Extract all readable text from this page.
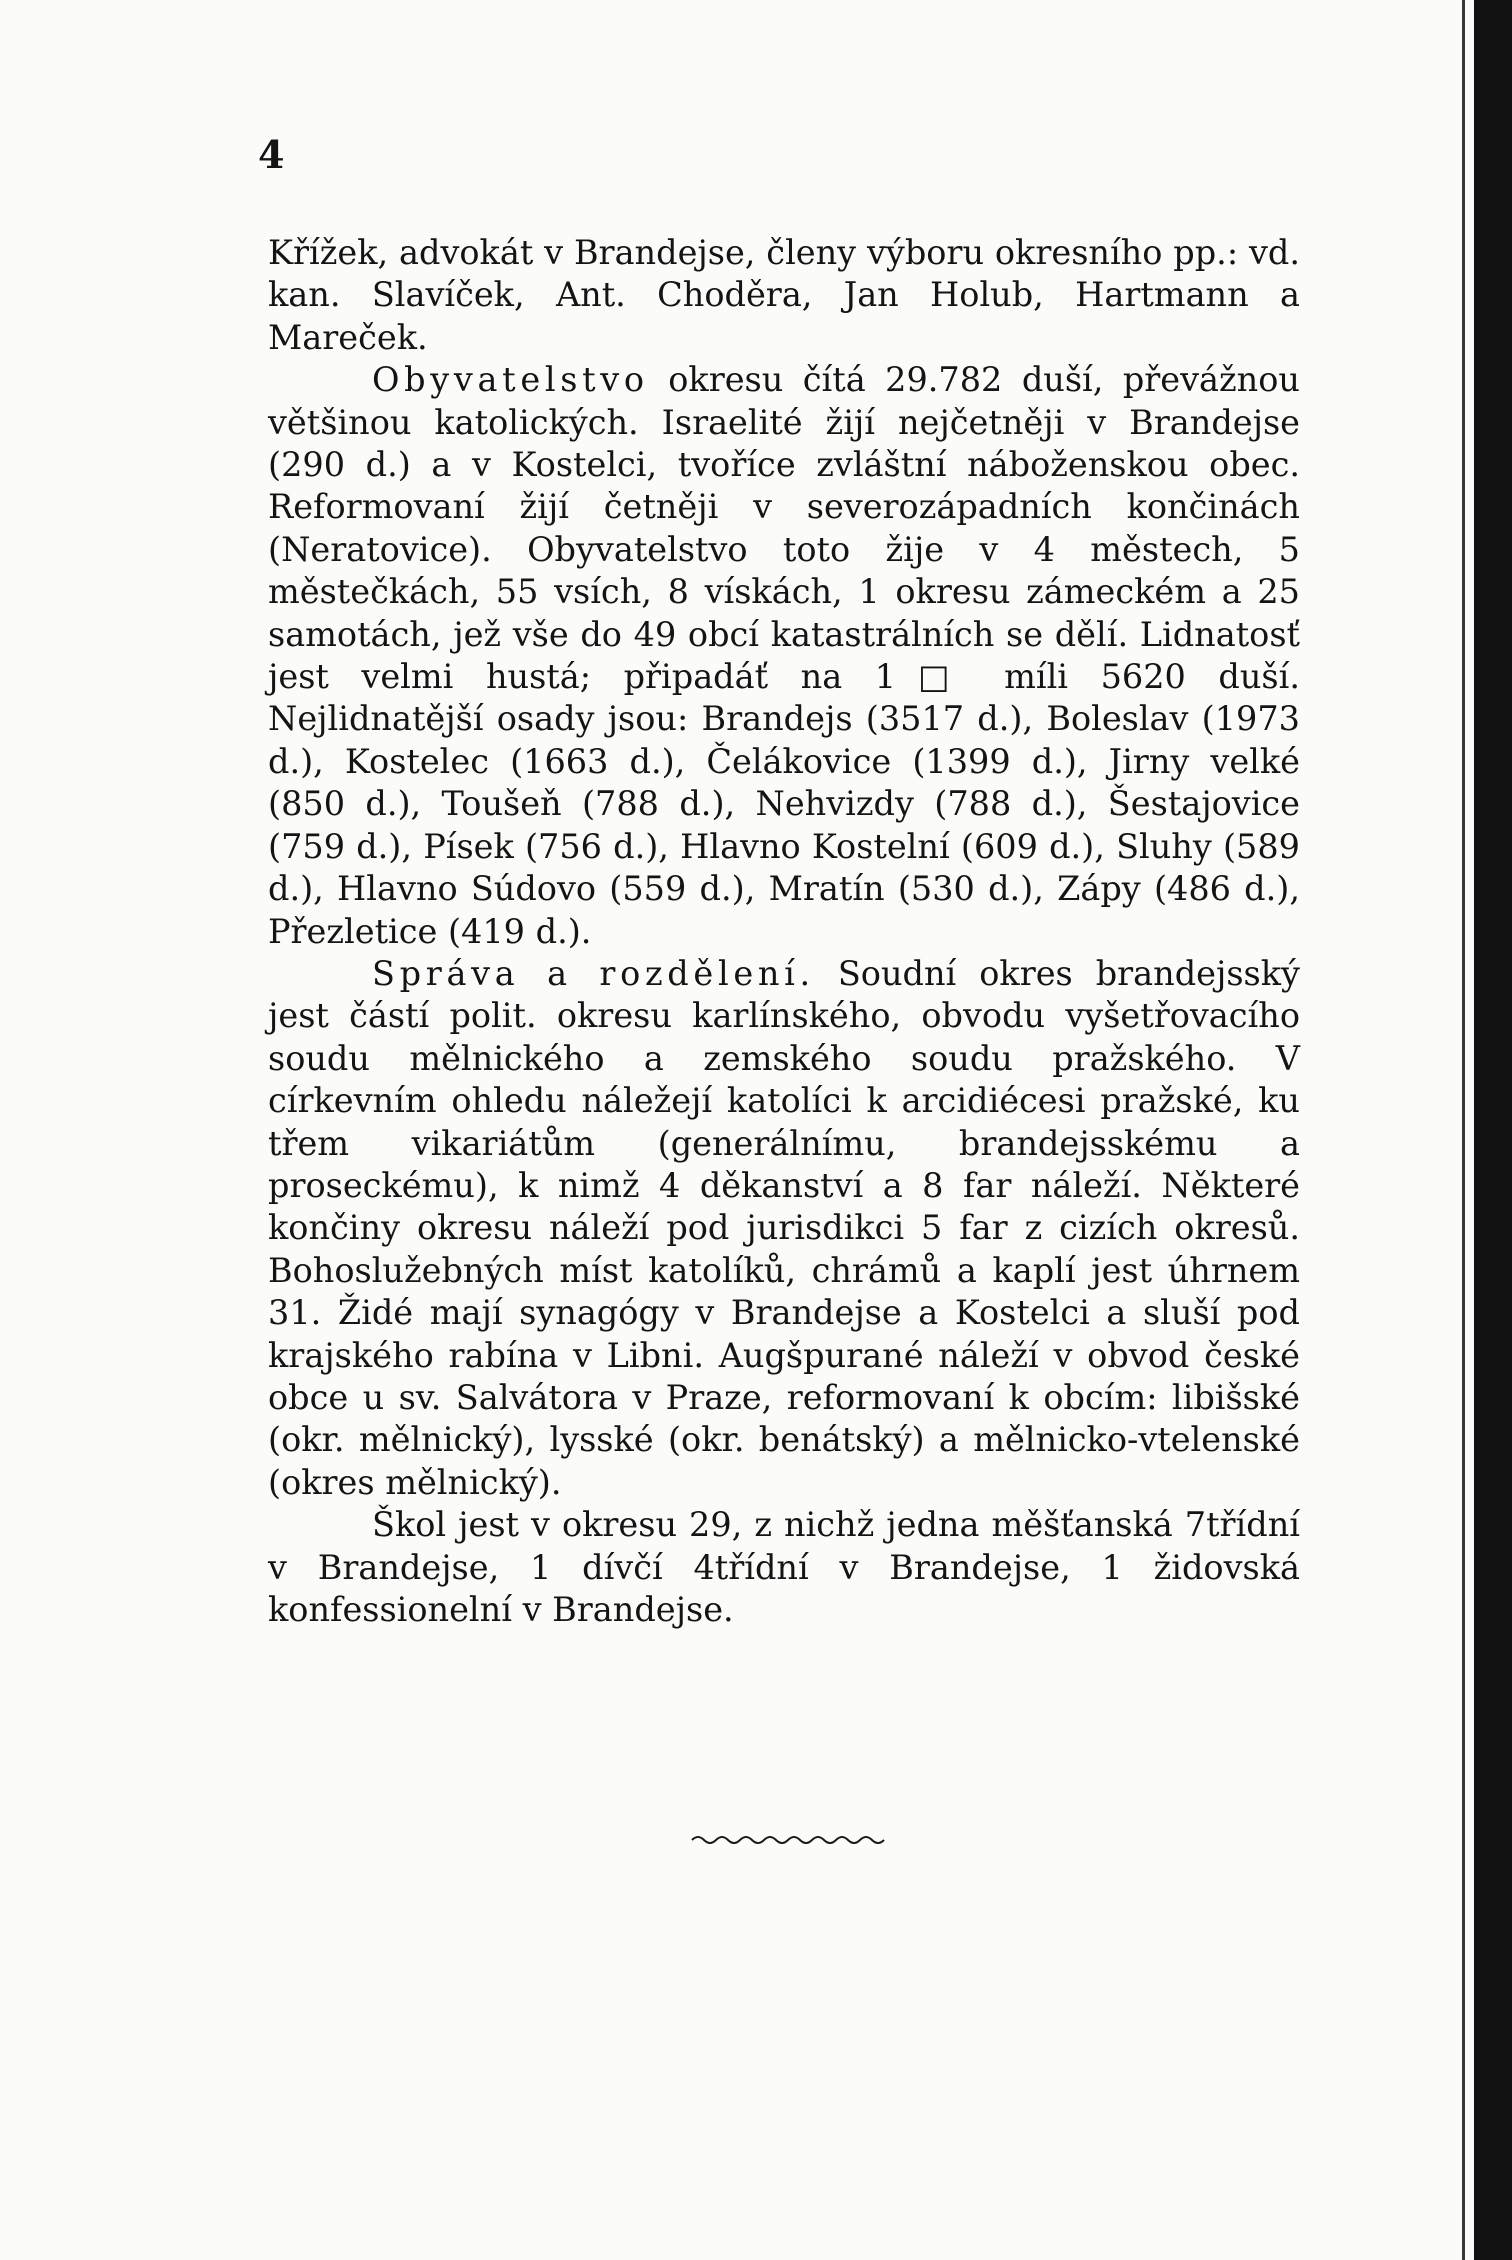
4

Křížek, advokát v Brandejse, členy výboru okresního pp.: vd. kan. Slavíček, Ant. Choděra, Jan Holub, Hartmann a Mareček.

Obyvatelstvo okresu čítá 29.782 duší, převážnou většinou katolických. Israelité žijí nejčetněji v Brandejse (290 d.) a v Kostelci, tvoříce zvláštní náboženskou obec. Reformovaní žijí četněji v severozápadních končinách (Neratovice). Obyvatelstvo toto žije v 4 městech, 5 městečkách, 55 vsích, 8 vískách, 1 okresu zámeckém a 25 samotách, jež vše do 49 obcí katastrálních se dělí. Lidnatosť jest velmi hustá; připadáť na 1□ míli 5620 duší. Nejlidnatější osady jsou: Brandejs (3517 d.), Boleslav (1973 d.), Kostelec (1663 d.), Čelákovice (1399 d.), Jirny velké (850 d.), Toušeň (788 d.), Nehvizdy (788 d.), Šestajovice (759 d.), Písek (756 d.), Hlavno Kostelní (609 d.), Sluhy (589 d.), Hlavno Súdovo (559 d.), Mratín (530 d.), Zápy (486 d.), Přezletice (419 d.).

Správa a rozdělení. Soudní okres brandejsský jest částí polit. okresu karlínského, obvodu vyšetřovacího soudu mělnického a zemského soudu pražského. V církevním ohledu náležejí katolíci k arcidiécesi pražské, ku třem vikariátům (generálnímu, brandejsskému a proseckému), k nimž 4 děkanství a 8 far náleží. Některé končiny okresu náleží pod jurisdikci 5 far z cizích okresů. Bohoslužebných míst katolíků, chrámů a kaplí jest úhrnem 31. Židé mají synagógy v Brandejse a Kostelci a sluší pod krajského rabína v Libni. Augšpurané náleží v obvod české obce u sv. Salvátora v Praze, reformovaní k obcím: libišské (okr. mělnický), lysské (okr. benátský) a mělnicko-vtelenské (okres mělnický).

Škol jest v okresu 29, z nichž jedna měšťanská 7třídní v Brandejse, 1 dívčí 4třídní v Brandejse, 1 židovská konfessionelní v Brandejse.
